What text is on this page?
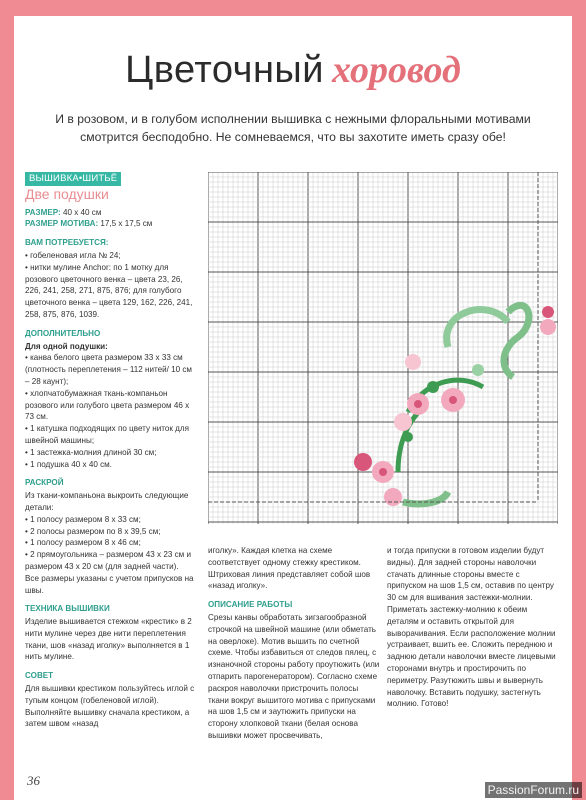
Цветочный хоровод
И в розовом, и в голубом исполнении вышивка с нежными флоральными мотивами смотрится бесподобно. Не сомневаемся, что вы захотите иметь сразу обе!
ВЫШИВКА•ШИТЬЁ
Две подушки

РАЗМЕР: 40 х 40 см

РАЗМЕР МОТИВА: 17,5 х 17,5 см

ВАМ ПОТРЕБУЕТСЯ:

• гобеленовая игла № 24;

• нитки мулине Anchor: по 1 мотку для розового цветочного венка – цвета 23, 26, 226, 241, 258, 271, 875, 876; для голубого цветочного венка – цвета 129, 162, 226, 241, 258, 875, 876, 1039.

ДОПОЛНИТЕЛЬНО

Для одной подушки:

• канва белого цвета размером 33 х 33 см (плотность переплетения – 112 нитей/ 10 см – 28 каунт);

• хлопчатобумажная ткань-компаньон розового или голубого цвета размером 46 х 73 см.

• 1 катушка подходящих по цвету ниток для швейной машины;

• 1 застежка-молния длиной 30 см;

• 1 подушка 40 х 40 см.

РАСКРОЙ

Из ткани-компаньона выкроить следующие детали:

• 1 полосу размером 8 х 33 см;

• 2 полосы размером по 8 х 39,5 см;

• 1 полосу размером 8 х 46 см;

• 2 прямоугольника – размером 43 х 23 см и размером 43 х 20 см (для задней части).

Все размеры указаны с учетом припусков на швы.

ТЕХНИКА ВЫШИВКИ

Изделие вышивается стежком «крестик» в 2 нити мулине через две нити переплетения ткани, шов «назад иголку» выполняется в 1 нить мулине.

СОВЕТ

Для вышивки крестиком пользуйтесь иглой с тупым концом (гобеленовой иглой). Выполняйте вышивку сначала крестиком, а затем швом «назад

иголку». Каждая клетка на схеме соответствует одному стежку крестиком. Штриховая линия представляет собой шов «назад иголку».

ОПИСАНИЕ РАБОТЫ

Срезы канвы обработать зигзагообразной строчкой на швейной машине (или обметать на оверлоке). Мотив вышить по счетной схеме. Чтобы избавиться от следов пялец, с изнаночной стороны работу проутюжить (или отпарить парогенератором). Согласно схеме раскроя наволочки пристрочить полосы ткани вокруг вышитого мотива с припусками на шов 1,5 см и заутюжить припуски на сторону хлопковой ткани (белая основа вышивки может просвечивать,

и тогда припуски в готовом изделии будут видны). Для задней стороны наволочки стачать длинные стороны вместе с припуском на шов 1,5 см, оставив по центру 30 см для вшивания застежки-молнии. Приметать застежку-молнию к обеим деталям и оставить открытой для выворачивания. Если расположение молнии устраивает, вшить ее. Сложить переднюю и заднюю детали наволочки вместе лицевыми сторонами внутрь и простирочить по периметру. Разутюжить швы и вывернуть наволочку. Вставить подушку, застегнуть молнию. Готово!

36
PassionForum.ru
